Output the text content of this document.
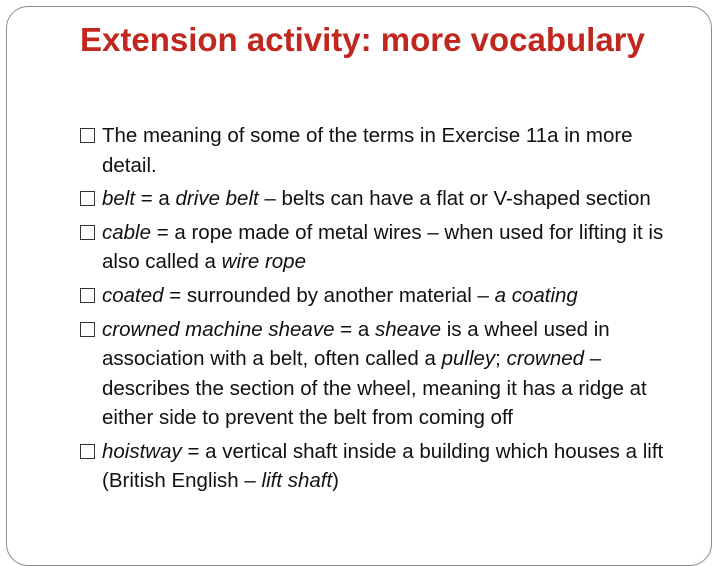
Extension activity: more vocabulary
The meaning of some of the terms in Exercise 11a in more detail.
belt = a drive belt – belts can have a flat or V-shaped section
cable = a rope made of metal wires – when used for lifting it is also called a wire rope
coated = surrounded by another material – a coating
crowned machine sheave = a sheave is a wheel used in association with a belt, often called a pulley; crowned – describes the section of the wheel, meaning it has a ridge at either side to prevent the belt from coming off
hoistway = a vertical shaft inside a building which houses a lift (British English – lift shaft)
